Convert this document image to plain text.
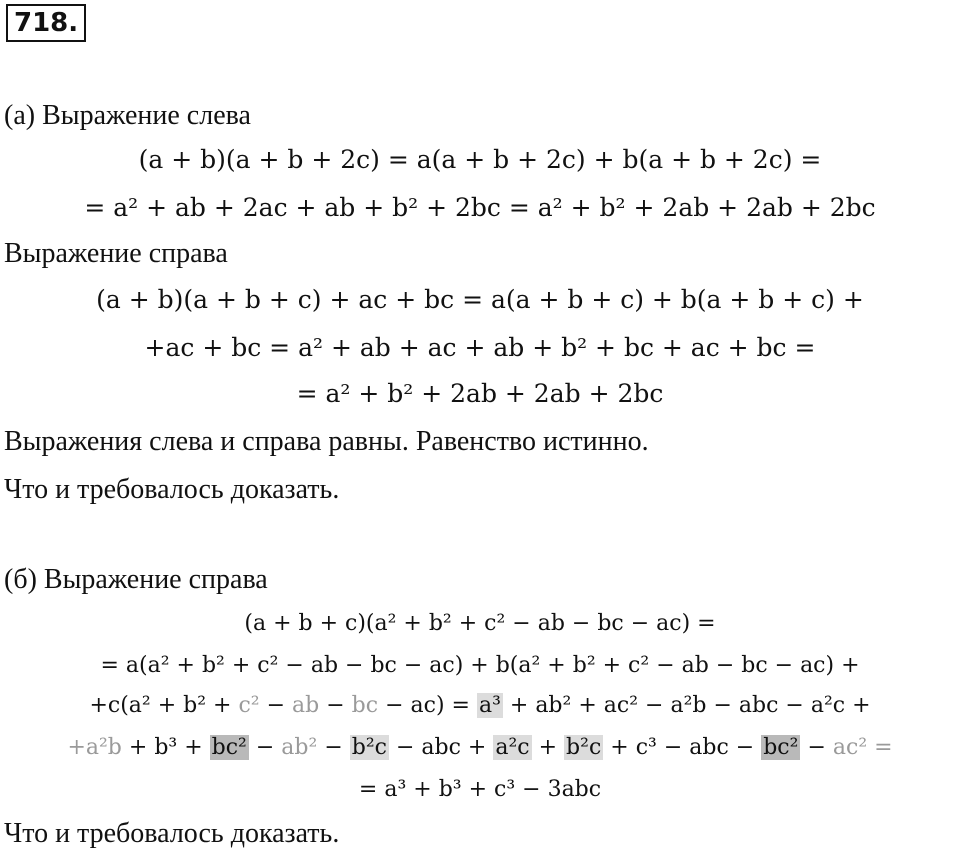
718.
(а) Выражение слева
(a + b)(a + b + 2c) = a(a + b + 2c) + b(a + b + 2c) =
= a² + ab + 2ac + ab + b² + 2bc = a² + b² + 2ab + 2ab + 2bc
Выражение справа
(a + b)(a + b + c) + ac + bc = a(a + b + c) + b(a + b + c) +
+ac + bc = a² + ab + ac + ab + b² + bc + ac + bc =
= a² + b² + 2ab + 2ab + 2bc
Выражения слева и справа равны. Равенство истинно.
Что и требовалось доказать.
(б) Выражение справа
(a + b + c)(a² + b² + c² − ab − bc − ac) =
= a(a² + b² + c² − ab − bc − ac) + b(a² + b² + c² − ab − bc − ac) +
+c(a² + b² + c² − ab − bc − ac) = a³ + ab² + ac² − a²b − abc − a²c +
+a²b + b³ + bc² − ab² − b²c − abc + a²c + b²c + c³ − abc − bc² − ac² =
= a³ + b³ + c³ − 3abc
Что и требовалось доказать.
